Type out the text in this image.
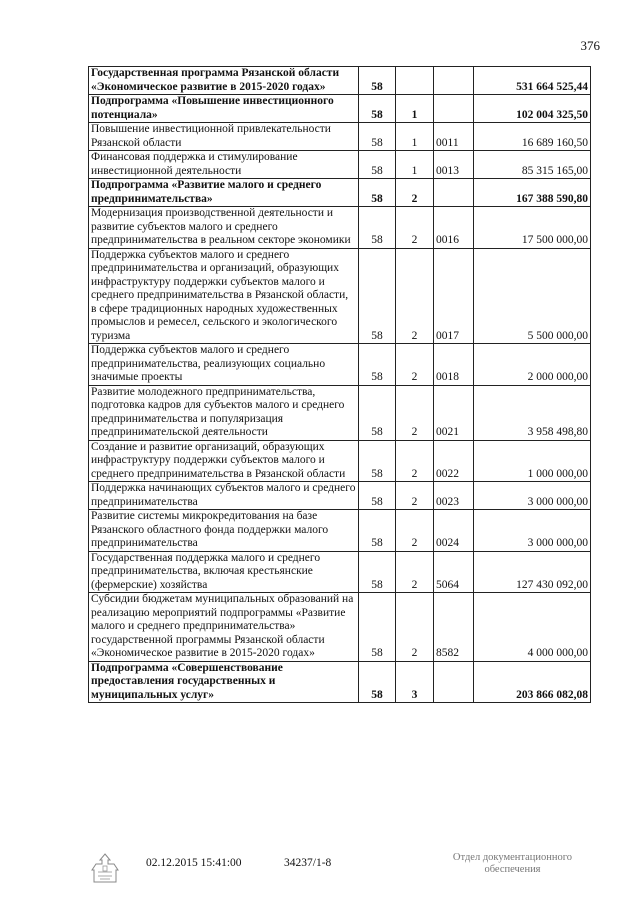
376
Государственная программа Рязанской области «Экономическое развитие в 2015-2020 годах»	58			531 664 525,44
Подпрограмма «Повышение инвестиционного потенциала»	58	1		102 004 325,50
Повышение инвестиционной привлекательности Рязанской области	58	1	0011	16 689 160,50
Финансовая поддержка и стимулирование инвестиционной деятельности	58	1	0013	85 315 165,00
Подпрограмма «Развитие малого и среднего предпринимательства»	58	2		167 388 590,80
Модернизация производственной деятельности и развитие субъектов малого и среднего предпринимательства в реальном секторе экономики	58	2	0016	17 500 000,00
Поддержка субъектов малого и среднего предпринимательства и организаций, образующих инфраструктуру поддержки субъектов малого и среднего предпринимательства в Рязанской области, в сфере традиционных народных художественных промыслов и ремесел, сельского и экологического туризма	58	2	0017	5 500 000,00
Поддержка субъектов малого и среднего предпринимательства, реализующих социально значимые проекты	58	2	0018	2 000 000,00
Развитие молодежного предпринимательства, подготовка кадров для субъектов малого и среднего предпринимательства и популяризация предпринимательской деятельности	58	2	0021	3 958 498,80
Создание и развитие организаций, образующих инфраструктуру поддержки субъектов малого и среднего предпринимательства в Рязанской области	58	2	0022	1 000 000,00
Поддержка начинающих субъектов малого и среднего предпринимательства	58	2	0023	3 000 000,00
Развитие системы микрокредитования на базе Рязанского областного фонда поддержки малого предпринимательства	58	2	0024	3 000 000,00
Государственная поддержка малого и среднего предпринимательства, включая крестьянские (фермерские) хозяйства	58	2	5064	127 430 092,00
Субсидии бюджетам муниципальных образований на реализацию мероприятий подпрограммы «Развитие малого и среднего предпринимательства» государственной программы Рязанской области «Экономическое развитие в 2015-2020 годах»	58	2	8582	4 000 000,00
Подпрограмма «Совершенствование предоставления государственных и муниципальных услуг»	58	3		203 866 082,08
02.12.2015 15:41:00	34237/1-8	Отдел документационного
обеспечения
